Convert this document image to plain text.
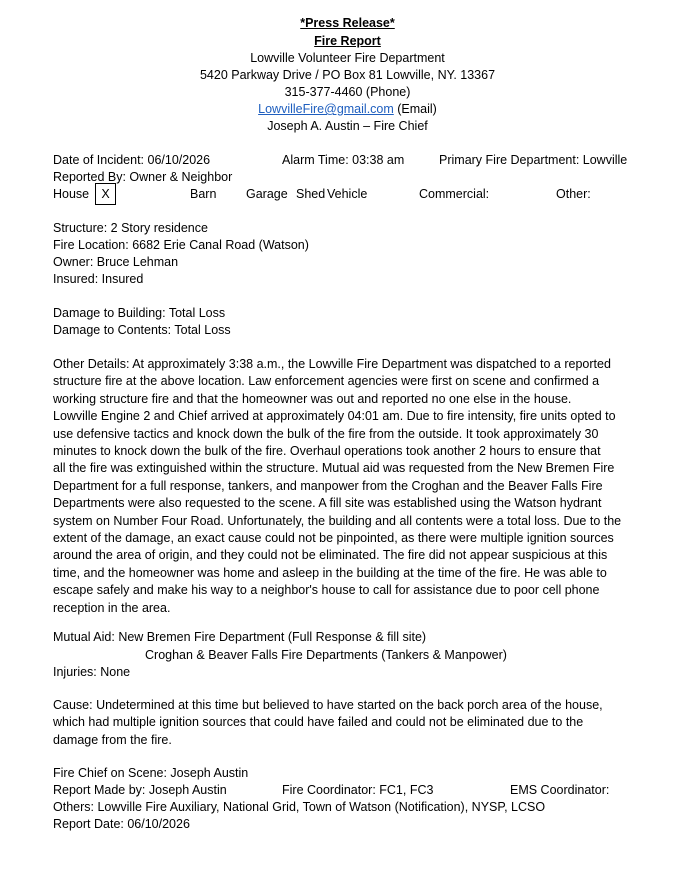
*Press Release*
Fire Report
Lowville Volunteer Fire Department
5420 Parkway Drive / PO Box 81 Lowville, NY. 13367
315-377-4460 (Phone)
LowvilleFire@gmail.com (Email)
Joseph A. Austin – Fire Chief
Date of Incident: 06/10/2026	Alarm Time: 03:38 am	Primary Fire Department: Lowville
Reported By: Owner & Neighbor
House X	Barn Garage Shed Vehicle	Commercial:	Other:
Structure: 2 Story residence
Fire Location: 6682 Erie Canal Road (Watson)
Owner: Bruce Lehman
Insured: Insured
Damage to Building: Total Loss
Damage to Contents: Total Loss
Other Details: At approximately 3:38 a.m., the Lowville Fire Department was dispatched to a reported
structure fire at the above location. Law enforcement agencies were first on scene and confirmed a
working structure fire and that the homeowner was out and reported no one else in the house.
Lowville Engine 2 and Chief arrived at approximately 04:01 am. Due to fire intensity, fire units opted to
use defensive tactics and knock down the bulk of the fire from the outside. It took approximately 30
minutes to knock down the bulk of the fire. Overhaul operations took another 2 hours to ensure that
all the fire was extinguished within the structure. Mutual aid was requested from the New Bremen Fire
Department for a full response, tankers, and manpower from the Croghan and the Beaver Falls Fire
Departments were also requested to the scene. A fill site was established using the Watson hydrant
system on Number Four Road. Unfortunately, the building and all contents were a total loss. Due to the
extent of the damage, an exact cause could not be pinpointed, as there were multiple ignition sources
around the area of origin, and they could not be eliminated. The fire did not appear suspicious at this
time, and the homeowner was home and asleep in the building at the time of the fire. He was able to
escape safely and make his way to a neighbor's house to call for assistance due to poor cell phone
reception in the area.
Mutual Aid: New Bremen Fire Department (Full Response & fill site)
Croghan & Beaver Falls Fire Departments (Tankers & Manpower)
Injuries: None
Cause: Undetermined at this time but believed to have started on the back porch area of the house,
which had multiple ignition sources that could have failed and could not be eliminated due to the
damage from the fire.
Fire Chief on Scene: Joseph Austin
Report Made by: Joseph Austin	Fire Coordinator: FC1, FC3	EMS Coordinator:
Others: Lowville Fire Auxiliary, National Grid, Town of Watson (Notification), NYSP, LCSO
Report Date: 06/10/2026
